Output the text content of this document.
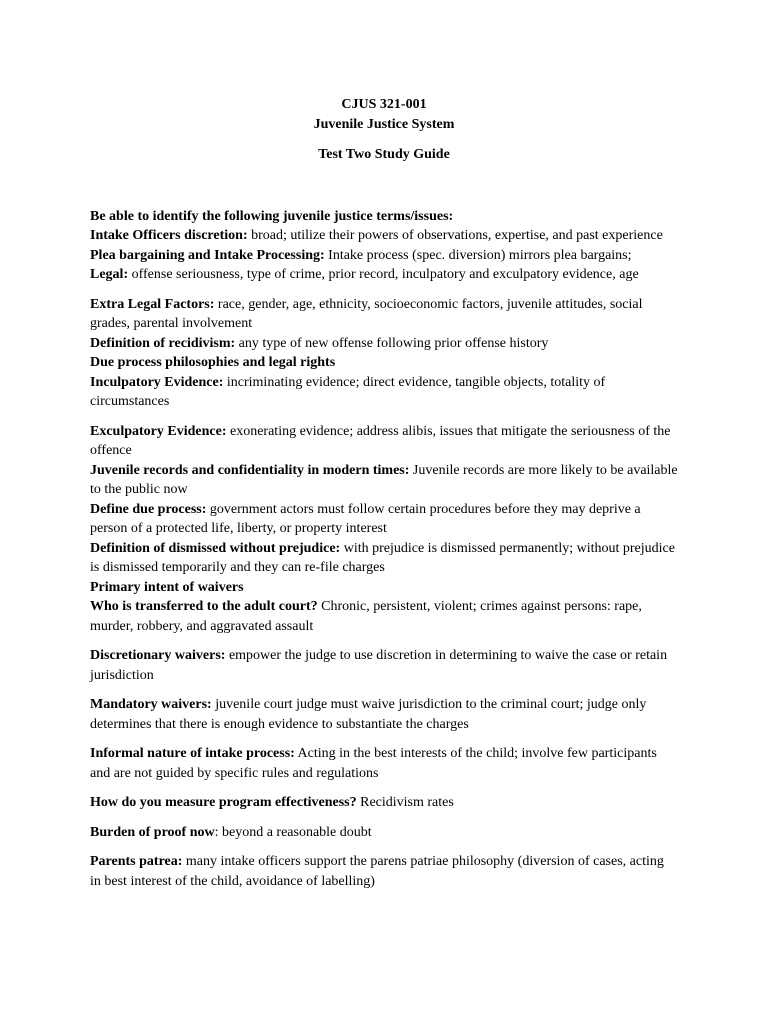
CJUS 321-001
Juvenile Justice System
Test Two Study Guide
Be able to identify the following juvenile justice terms/issues:

Intake Officers discretion: broad; utilize their powers of observations, expertise, and past experience

Plea bargaining and Intake Processing: Intake process (spec. diversion) mirrors plea bargains;

Legal: offense seriousness, type of crime, prior record, inculpatory and exculpatory evidence, age

Extra Legal Factors: race, gender, age, ethnicity, socioeconomic factors, juvenile attitudes, social grades, parental involvement

Definition of recidivism: any type of new offense following prior offense history

Due process philosophies and legal rights

Inculpatory Evidence: incriminating evidence; direct evidence, tangible objects, totality of circumstances

Exculpatory Evidence: exonerating evidence; address alibis, issues that mitigate the seriousness of the offence

Juvenile records and confidentiality in modern times: Juvenile records are more likely to be available to the public now

Define due process: government actors must follow certain procedures before they may deprive a person of a protected life, liberty, or property interest

Definition of dismissed without prejudice: with prejudice is dismissed permanently; without prejudice is dismissed temporarily and they can re-file charges

Primary intent of waivers

Who is transferred to the adult court? Chronic, persistent, violent; crimes against persons: rape, murder, robbery, and aggravated assault

Discretionary waivers: empower the judge to use discretion in determining to waive the case or retain jurisdiction

Mandatory waivers: juvenile court judge must waive jurisdiction to the criminal court; judge only determines that there is enough evidence to substantiate the charges

Informal nature of intake process: Acting in the best interests of the child; involve few participants and are not guided by specific rules and regulations

How do you measure program effectiveness? Recidivism rates

Burden of proof now: beyond a reasonable doubt

Parents patrea: many intake officers support the parens patriae philosophy (diversion of cases, acting in best interest of the child, avoidance of labelling)
